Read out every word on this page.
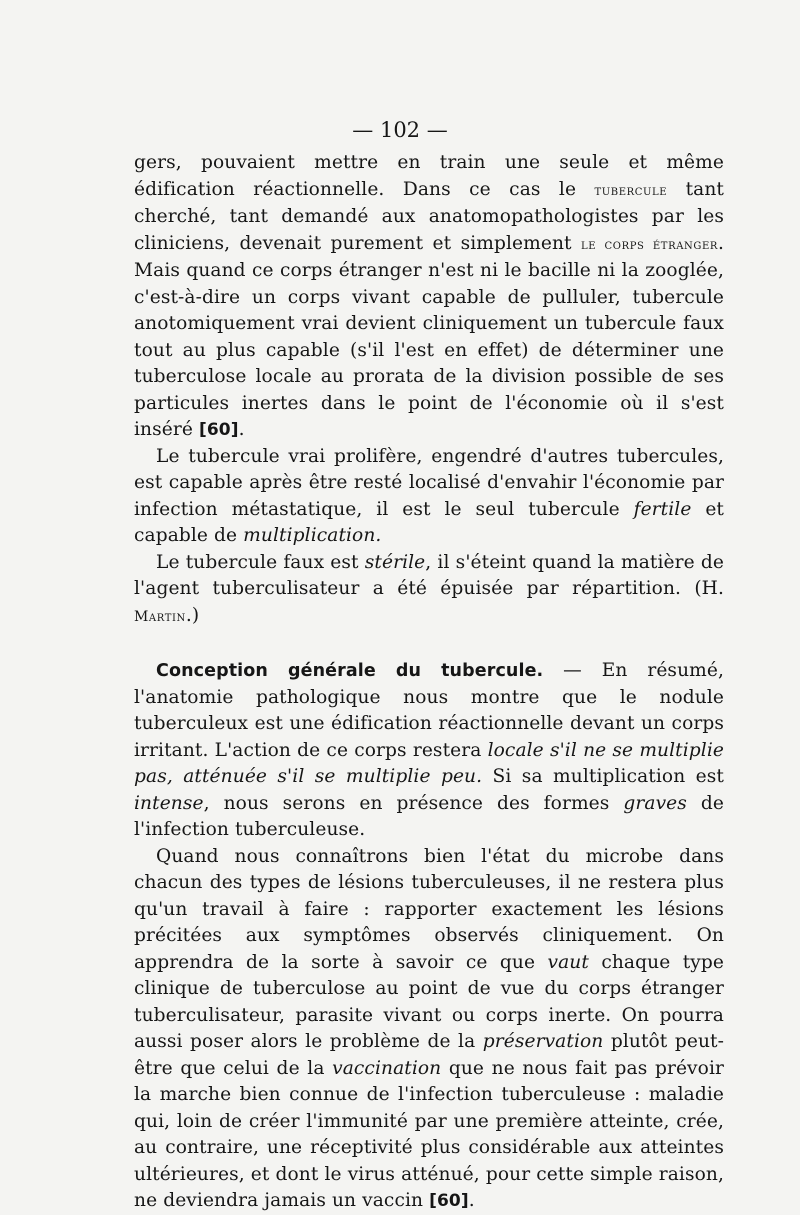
— 102 —

gers, pouvaient mettre en train une seule et même édification réactionnelle. Dans ce cas le tubercule tant cherché, tant demandé aux anatomopathologistes par les cliniciens, devenait purement et simplement le corps étranger. Mais quand ce corps étranger n'est ni le bacille ni la zooglée, c'est-à-dire un corps vivant capable de pulluler, tubercule anotomiquement vrai devient cliniquement un tubercule faux tout au plus capable (s'il l'est en effet) de déterminer une tuberculose locale au prorata de la division possible de ses particules inertes dans le point de l'économie où il s'est inséré [60].

Le tubercule vrai prolifère, engendré d'autres tubercules, est capable après être resté localisé d'envahir l'économie par infection métastatique, il est le seul tubercule fertile et capable de multiplication.

Le tubercule faux est stérile, il s'éteint quand la matière de l'agent tuberculisateur a été épuisée par répartition. (H. Martin.)

Conception générale du tubercule. — En résumé, l'anatomie pathologique nous montre que le nodule tuberculeux est une édification réactionnelle devant un corps irritant. L'action de ce corps restera locale s'il ne se multiplie pas, atténuée s'il se multiplie peu. Si sa multiplication est intense, nous serons en présence des formes graves de l'infection tuberculeuse.

Quand nous connaîtrons bien l'état du microbe dans chacun des types de lésions tuberculeuses, il ne restera plus qu'un travail à faire : rapporter exactement les lésions précitées aux symptômes observés cliniquement. On apprendra de la sorte à savoir ce que vaut chaque type clinique de tuberculose au point de vue du corps étranger tuberculisateur, parasite vivant ou corps inerte. On pourra aussi poser alors le problème de la préservation plutôt peut-être que celui de la vaccination que ne nous fait pas prévoir la marche bien connue de l'infection tuberculeuse : maladie qui, loin de créer l'immunité par une première atteinte, crée, au contraire, une réceptivité plus considérable aux atteintes ultérieures, et dont le virus atténué, pour cette simple raison, ne deviendra jamais un vaccin [60].
